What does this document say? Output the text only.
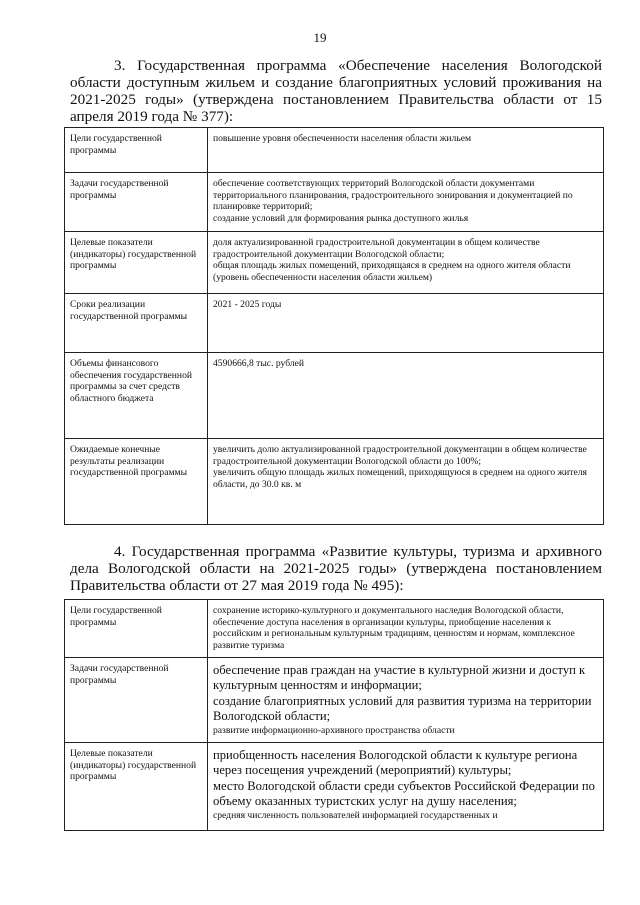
19
3. Государственная программа «Обеспечение населения Вологодской области доступным жильем и создание благоприятных условий проживания на 2021-2025 годы» (утверждена постановлением Правительства области от 15 апреля 2019 года № 377):
Цели государственной программы	повышение уровня обеспеченности населения области жильем

Задачи государственной программы	обеспечение соответствующих территорий Вологодской области документами территориального планирования, градостроительного зонирования и документацией по планировке территорий;
создание условий для формирования рынка доступного жилья

Целевые показатели (индикаторы) государственной программы	доля актуализированной градостроительной документации в общем количестве градостроительной документации Вологодской области;
общая площадь жилых помещений, приходящаяся в среднем на одного жителя области (уровень обеспеченности населения области жильем)

Сроки реализации государственной программы	2021 - 2025 годы

Объемы финансового обеспечения государственной программы за счет средств областного бюджета	4590666,8 тыс. рублей

Ожидаемые конечные результаты реализации государственной программы	увеличить долю актуализированной градостроительной документации в общем количестве градостроительной документации Вологодской области до 100%;
увеличить общую площадь жилых помещений, приходящуюся в среднем на одного жителя области, до 30.0 кв. м
4. Государственная программа «Развитие культуры, туризма и архивного дела Вологодской области на 2021-2025 годы» (утверждена постановлением Правительства области от 27 мая 2019 года № 495):
Цели государственной программы	сохранение историко-культурного и документального наследия Вологодской области, обеспечение доступа населения в организации культуры, приобщение населения к российским и региональным культурным традициям, ценностям и нормам, комплексное развитие туризма

Задачи государственной программы	обеспечение прав граждан на участие в культурной жизни и доступ к культурным ценностям и информации;
создание благоприятных условий для развития туризма на территории Вологодской области;
развитие информационно-архивного пространства области

Целевые показатели (индикаторы) государственной программы	приобщенность населения Вологодской области к культуре региона через посещения учреждений (мероприятий) культуры;
место Вологодской области среди субъектов Российской Федерации по объему оказанных туристских услуг на душу населения;
средняя численность пользователей информацией государственных и
